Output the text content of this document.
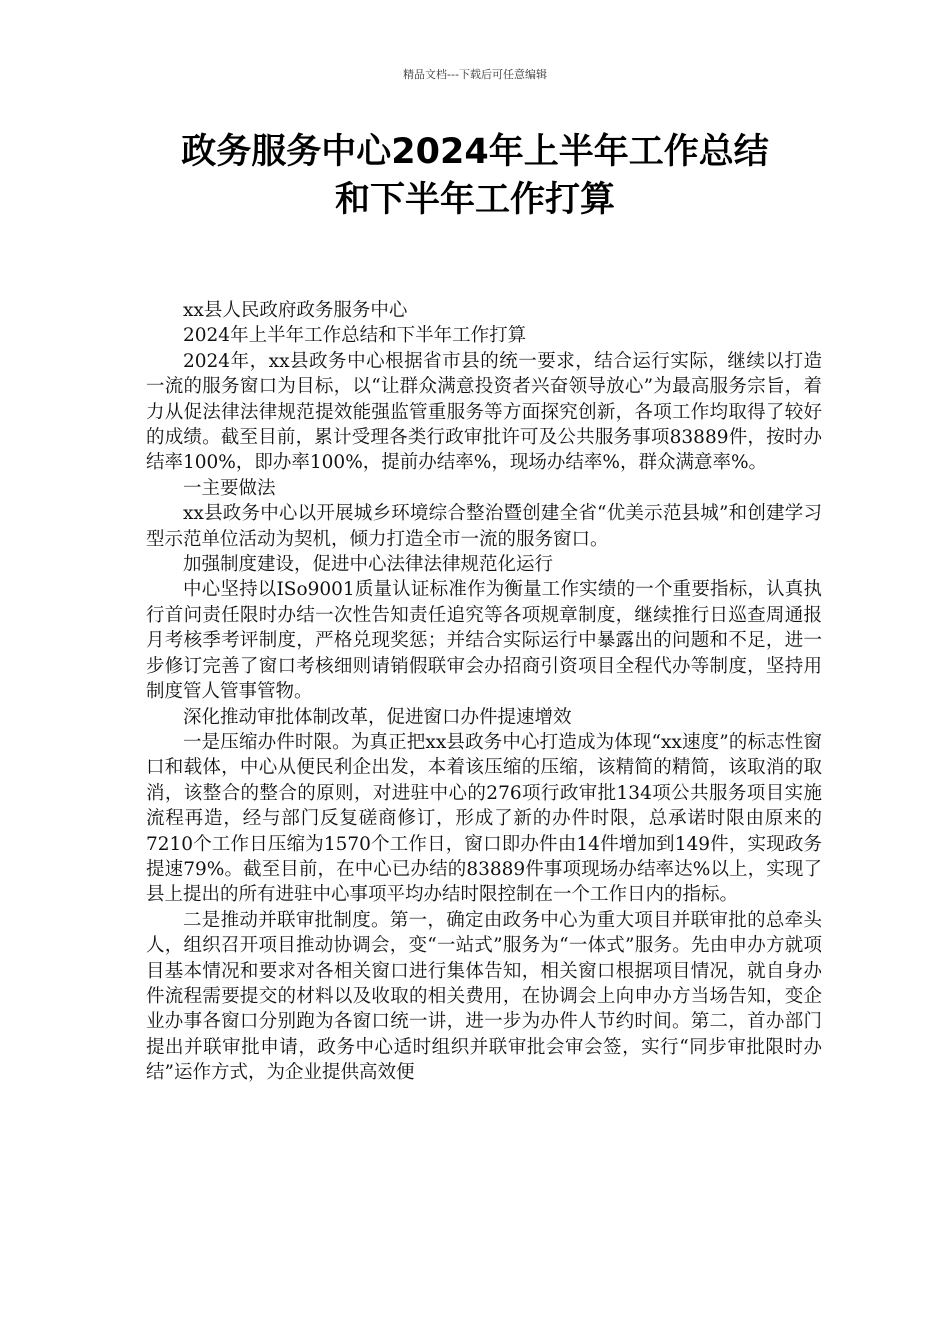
精品文档---下载后可任意编辑
政务服务中心2024年上半年工作总结
和下半年工作打算

xx县人民政府政务服务中心

2024年上半年工作总结和下半年工作打算

2024年，xx县政务中心根据省市县的统一要求，结合运行实际，继续以打造一流的服务窗口为目标，以“让群众满意投资者兴奋领导放心”为最高服务宗旨，着力从促法律法律规范提效能强监管重服务等方面探究创新，各项工作均取得了较好的成绩。截至目前，累计受理各类行政审批许可及公共服务事项83889件，按时办结率100%，即办率100%，提前办结率%，现场办结率%，群众满意率%。

一主要做法

xx县政务中心以开展城乡环境综合整治暨创建全省“优美示范县城”和创建学习型示范单位活动为契机，倾力打造全市一流的服务窗口。

加强制度建设，促进中心法律法律规范化运行

中心坚持以ISo9001质量认证标准作为衡量工作实绩的一个重要指标，认真执行首问责任限时办结一次性告知责任追究等各项规章制度，继续推行日巡查周通报月考核季考评制度，严格兑现奖惩；并结合实际运行中暴露出的问题和不足，进一步修订完善了窗口考核细则请销假联审会办招商引资项目全程代办等制度，坚持用制度管人管事管物。

深化推动审批体制改革，促进窗口办件提速增效

一是压缩办件时限。为真正把xx县政务中心打造成为体现“xx速度”的标志性窗口和载体，中心从便民利企出发，本着该压缩的压缩，该精简的精简，该取消的取消，该整合的整合的原则，对进驻中心的276项行政审批134项公共服务项目实施流程再造，经与部门反复磋商修订，形成了新的办件时限，总承诺时限由原来的7210个工作日压缩为1570个工作日，窗口即办件由14件增加到149件，实现政务提速79%。截至目前，在中心已办结的83889件事项现场办结率达%以上，实现了县上提出的所有进驻中心事项平均办结时限控制在一个工作日内的指标。

二是推动并联审批制度。第一，确定由政务中心为重大项目并联审批的总牵头人，组织召开项目推动协调会，变“一站式”服务为“一体式”服务。先由申办方就项目基本情况和要求对各相关窗口进行集体告知，相关窗口根据项目情况，就自身办件流程需要提交的材料以及收取的相关费用，在协调会上向申办方当场告知，变企业办事各窗口分别跑为各窗口统一讲，进一步为办件人节约时间。第二，首办部门提出并联审批申请，政务中心适时组织并联审批会审会签，实行“同步审批限时办结”运作方式，为企业提供高效便
